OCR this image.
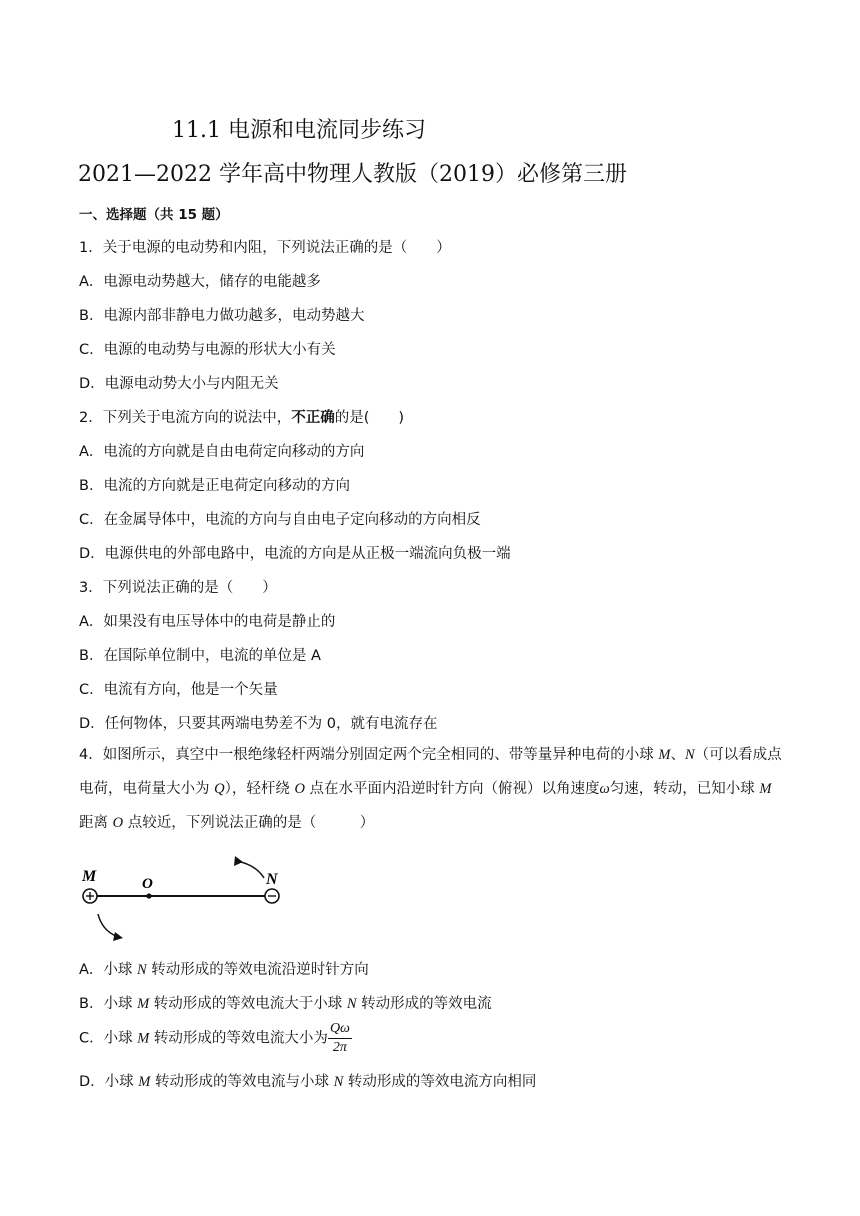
11.1 电源和电流同步练习
2021—2022 学年高中物理人教版（2019）必修第三册
一、选择题（共 15 题）
1．关于电源的电动势和内阻，下列说法正确的是（　　）
A．电源电动势越大，储存的电能越多
B．电源内部非静电力做功越多，电动势越大
C．电源的电动势与电源的形状大小有关
D．电源电动势大小与内阻无关
2．下列关于电流方向的说法中，不正确的是(　　)
A．电流的方向就是自由电荷定向移动的方向
B．电流的方向就是正电荷定向移动的方向
C．在金属导体中，电流的方向与自由电子定向移动的方向相反
D．电源供电的外部电路中，电流的方向是从正极一端流向负极一端
3．下列说法正确的是（　　）
A．如果没有电压导体中的电荷是静止的
B．在国际单位制中，电流的单位是 A
C．电流有方向，他是一个矢量
D．任何物体，只要其两端电势差不为 0，就有电流存在
4．如图所示，真空中一根绝缘轻杆两端分别固定两个完全相同的、带等量异种电荷的小球 M、N（可以看成点电荷，电荷量大小为 Q），轻杆绕 O 点在水平面内沿逆时针方向（俯视）以角速度ω匀速，转动，已知小球 M 距离 O 点较近，下列说法正确的是（　　　）
M	O	N
A．小球 N 转动形成的等效电流沿逆时针方向
B．小球 M 转动形成的等效电流大于小球 N 转动形成的等效电流
C．小球 M 转动形成的等效电流大小为 $\frac{Q\omega}{2\pi}$
D．小球 M 转动形成的等效电流与小球 N 转动形成的等效电流方向相同
